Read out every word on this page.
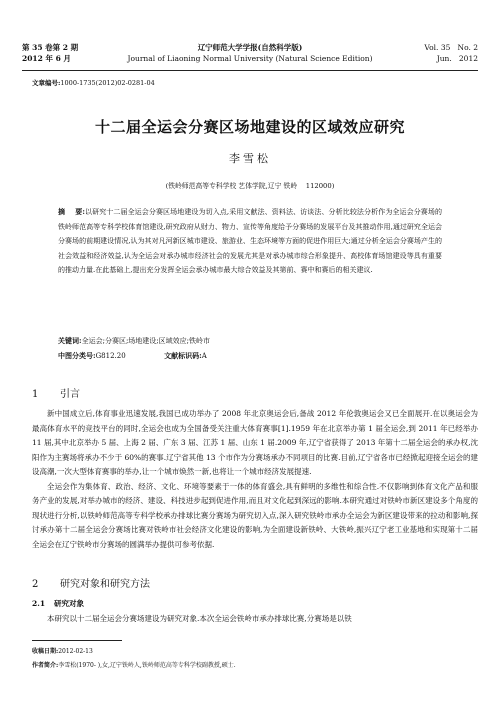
第 35 卷第 2 期
2012 年 6 月
辽宁师范大学学报(自然科学版)
Journal of Liaoning Normal University (Natural Science Edition)
Vol. 35   No. 2
Jun.   2012
文章编号:1000-1735(2012)02-0281-04
十二届全运会分赛区场地建设的区域效应研究
李雪松
(铁岭师范高等专科学校 艺体学院,辽宁 铁岭    112000)
摘    要:以研究十二届全运会分赛区场地建设为切入点,采用文献法、资料法、访谈法、分析比较法分析作为全运会分赛场的铁岭师范高等专科学校体育馆建设,研究政府从财力、物力、宣传等角度给予分赛场的发展平台及其推动作用,通过研究全运会分赛场的前期建设情况,认为其对凡河新区城市建设、旅游业、生态环境等方面的促进作用巨大;通过分析全运会分赛场产生的社会效益和经济效益,认为全运会对承办城市经济社会的发展尤其是对承办城市综合形象提升、高校体育场馆建设等具有重要的推动力量.在此基础上,提出充分发挥全运会承办城市最大综合效益及其第前、赛中和赛后的相关建议.
关键词:全运会;分赛区;场地建设;区域效应;铁岭市
中图分类号:G812.20	文献标识码:A
1 引言

新中国成立后,体育事业迅速发展,我国已成功举办了 2008 年北京奥运会后,备战 2012 年伦敦奥运会又已全面展开.在以奥运会为最高体育水平的竞技平台的同时,全运会也成为全国备受关注重大体育赛事[1].1959 年在北京举办第 1 届全运会,到 2011 年已经举办 11 届,其中北京举办 5 届、上海 2 届、广东 3 届、江苏 1 届、山东 1 届.2009 年,辽宁省获得了 2013 年第十二届全运会的承办权,沈阳作为主赛场将承办不少于 60%的赛事.辽宁省其他 13 个市作为分赛场承办不同项目的比赛.目前,辽宁省各市已经掀起迎接全运会的建设高潮,一次大型体育赛事的举办,让一个城市焕然一新,也将让一个城市经济发展提速.

全运会作为集体育、政治、经济、文化、环境等要素于一体的体育盛会,具有鲜明的多维性和综合性.不仅影响到体育文化产品和服务产业的发展,对举办城市的经济、建设、科技进步起到促进作用,而且对文化起到深远的影响.本研究通过对铁岭市新区建设多个角度的现状进行分析,以铁岭师范高等专科学校承办排球比赛分赛场为研究切入点,深入研究铁岭市承办全运会为新区建设带来的拉动和影响,探讨承办第十二届全运会分赛场比赛对铁岭市社会经济文化建设的影响,为全面建设新铁岭、大铁岭,振兴辽宁老工业基地和实现第十二届全运会在辽宁铁岭市分赛场的圆满举办提供可参考依据.

2 研究对象和研究方法
2.1 研究对象

本研究以十二届全运会分赛场建设为研究对象.本次全运会铁岭市承办排球比赛,分赛场是以铁

收稿日期:2012-02-13
作者简介:李雪松(1970- ),女,辽宁铁岭人,铁岭师范高等专科学校副教授,硕士.
